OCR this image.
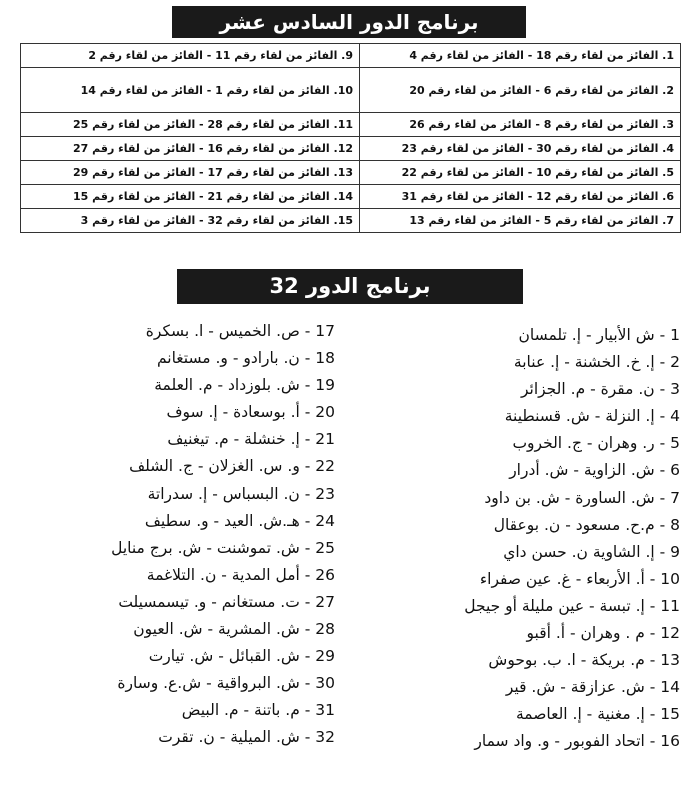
برنامج الدور السادس عشر
1. الفائز من لقاء رقم 18 - الفائز من لقاء رقم 4	9. الفائز من لقاء رقم 11 - الفائز من لقاء رقم 2
2. الفائز من لقاء رقم 6 - الفائز من لقاء رقم 20	10. الفائز من لقاء رقم 1 - الفائز من لقاء رقم 14
3. الفائز من لقاء رقم 8 - الفائز من لقاء رقم 26	11. الفائز من لقاء رقم 28 - الفائز من لقاء رقم 25
4. الفائز من لقاء رقم 30 - الفائز من لقاء رقم 23	12. الفائز من لقاء رقم 16 - الفائز من لقاء رقم 27
5. الفائز من لقاء رقم 10 - الفائز من لقاء رقم 22	13. الفائز من لقاء رقم 17 - الفائز من لقاء رقم 29
6. الفائز من لقاء رقم 12 - الفائز من لقاء رقم 31	14. الفائز من لقاء رقم 21 - الفائز من لقاء رقم 15
7. الفائز من لقاء رقم 5 - الفائز من لقاء رقم 13	15. الفائز من لقاء رقم 32 - الفائز من لقاء رقم 3
برنامج الدور 32
1 - ش الأبيار - إ. تلمسان
2 - إ. خ. الخشنة - إ. عنابة
3 - ن. مقرة - م. الجزائر
4 - إ. النزلة - ش. قسنطينة
5 - ر. وهران - ج. الخروب
6 - ش. الزاوية - ش. أدرار
7 - ش. الساورة - ش. بن داود
8 - م.ح. مسعود - ن. بوعقال
9 - إ. الشاوية ن. حسن داي
10 - أ. الأربعاء - غ. عين صفراء
11 - إ. تبسة - عين مليلة أو جيجل
12 - م . وهران - أ. أقبو
13 - م. بريكة - ا. ب. بوحوش
14 - ش. عزازقة - ش. قير
15 - إ. مغنية - إ. العاصمة
16 - اتحاد الفوبور - و. واد سمار
17 - ص. الخميس - ا. بسكرة
18 - ن. بارادو - و. مستغانم
19 - ش. بلوزداد - م. العلمة
20 - أ. بوسعادة - إ. سوف
21 - إ. خنشلة - م. تيغنيف
22 - و. س. الغزلان - ج. الشلف
23 - ن. البسباس - إ. سدراتة
24 - هـ.ش. العيد - و. سطيف
25 - ش. تموشنت - ش. برج منايل
26 - أمل المدية - ن. التلاغمة
27 - ت. مستغانم - و. تيسمسيلت
28 - ش. المشرية - ش. العيون
29 - ش. القبائل - ش. تيارت
30 - ش. البرواقية - ش.ع. وسارة
31 - م. باتنة - م. البيض
32 - ش. الميلية - ن. تقرت
